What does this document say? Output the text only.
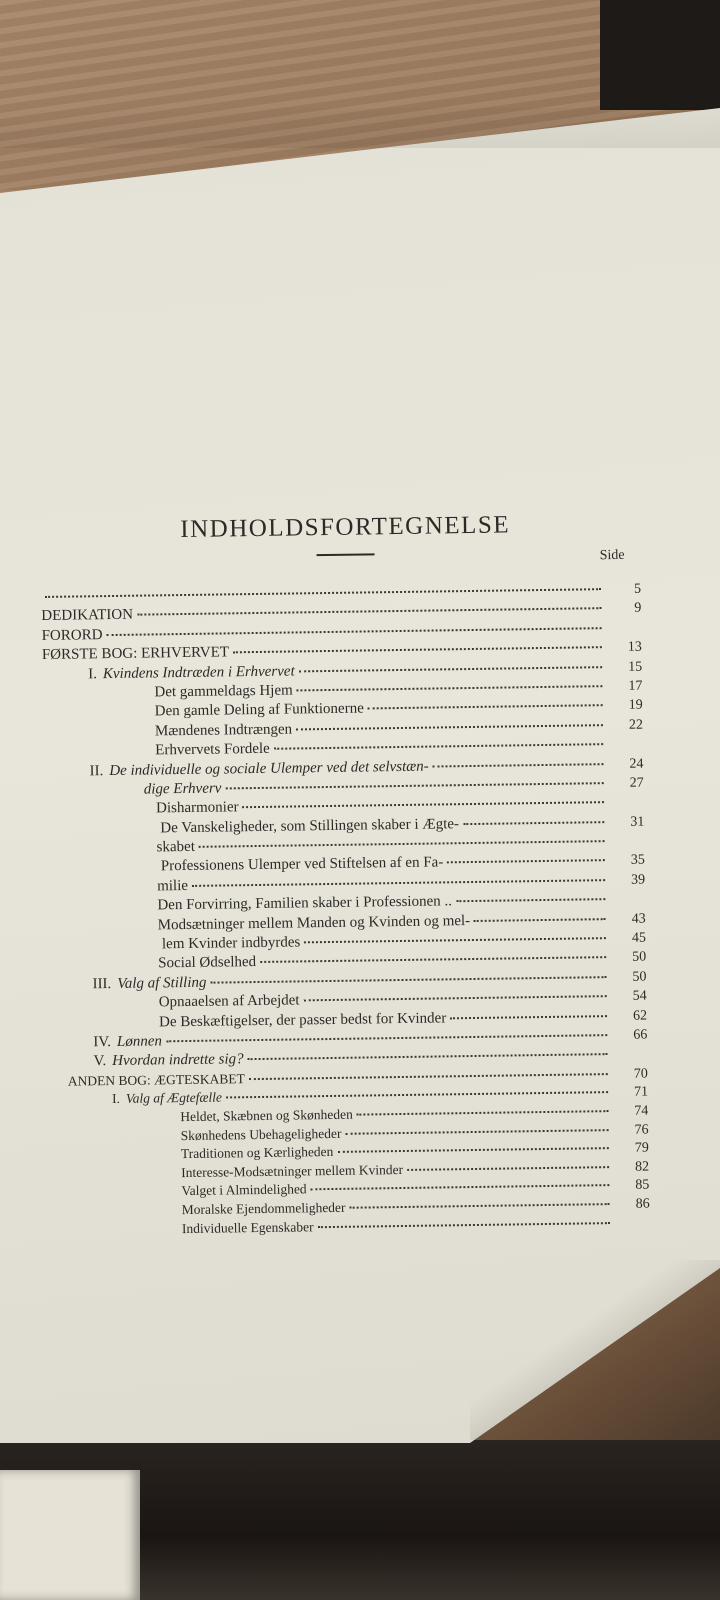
INDHOLDSFORTEGNELSE
Side
5
DEDIKATION	9
FORORD
FØRSTE BOG: ERHVERVET	13
I. Kvindens Indtræden i Erhvervet	15
Det gammeldags Hjem	17
Den gamle Deling af Funktionerne	19
Mændenes Indtrængen	22
Erhvervets Fordele
II. De individuelle og sociale Ulemper ved det selvstæn-	24
dige Erhverv	27
Disharmonier
De Vanskeligheder, som Stillingen skaber i Ægte-	31
skabet
Professionens Ulemper ved Stiftelsen af en Fa-	35
milie	39
Den Forvirring, Familien skaber i Professionen ..
Modsætninger mellem Manden og Kvinden og mel-	43
lem Kvinder indbyrdes	45
Social Ødselhed	50
III. Valg af Stilling	50
Opnaaelsen af Arbejdet	54
De Beskæftigelser, der passer bedst for Kvinder	62
IV. Lønnen	66
V. Hvordan indrette sig?
ANDEN BOG: ÆGTESKABET	70
I. Valg af Ægtefælle	71
Heldet, Skæbnen og Skønheden	74
Skønhedens Ubehageligheder	76
Traditionen og Kærligheden	79
Interesse-Modsætninger mellem Kvinder	82
Valget i Almindelighed	85
Moralske Ejendommeligheder	86
Individuelle Egenskaber
